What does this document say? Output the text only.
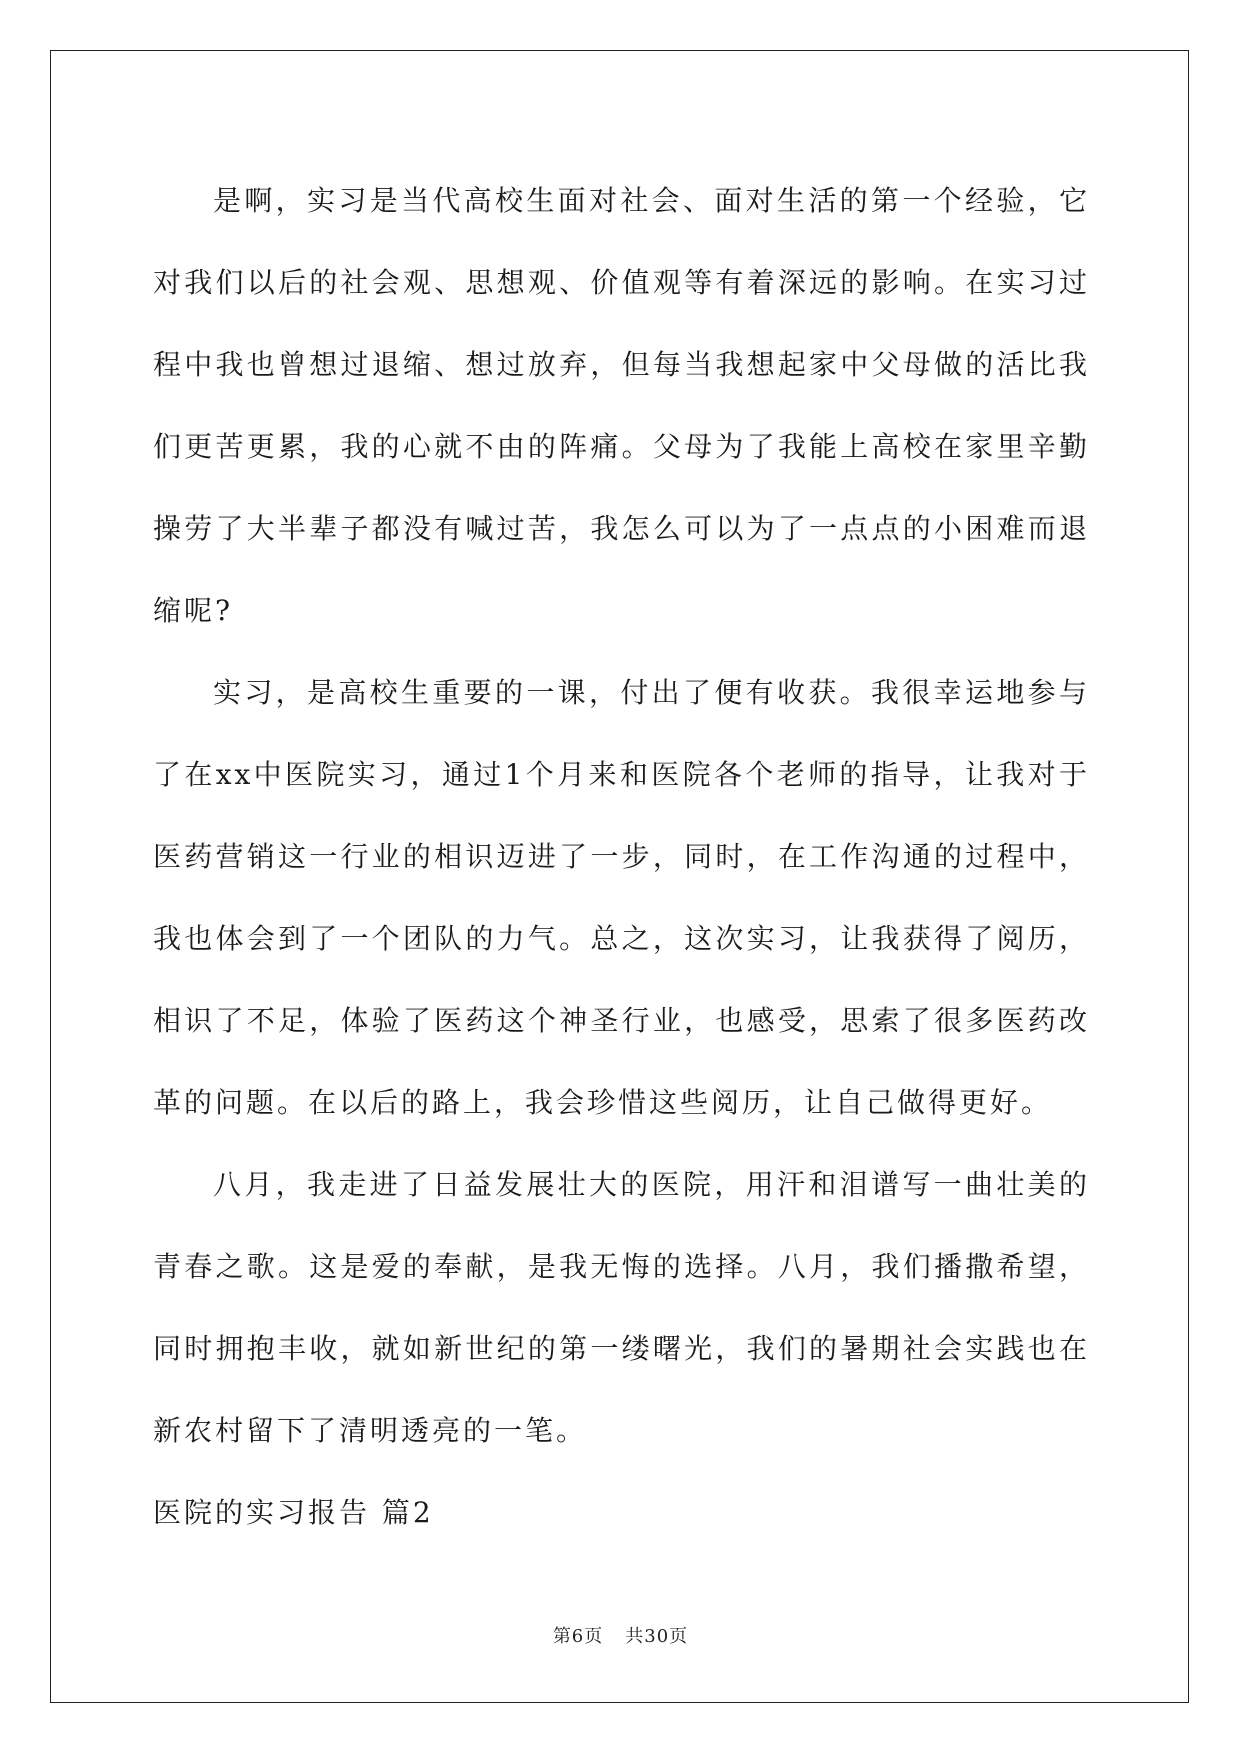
是啊，实习是当代高校生面对社会、面对生活的第一个经验，它对我们以后的社会观、思想观、价值观等有着深远的影响。在实习过程中我也曾想过退缩、想过放弃，但每当我想起家中父母做的活比我们更苦更累，我的心就不由的阵痛。父母为了我能上高校在家里辛勤操劳了大半辈子都没有喊过苦，我怎么可以为了一点点的小困难而退缩呢?

实习，是高校生重要的一课，付出了便有收获。我很幸运地参与了在xx中医院实习，通过1个月来和医院各个老师的指导，让我对于医药营销这一行业的相识迈进了一步，同时，在工作沟通的过程中，我也体会到了一个团队的力气。总之，这次实习，让我获得了阅历，相识了不足，体验了医药这个神圣行业，也感受，思索了很多医药改革的问题。在以后的路上，我会珍惜这些阅历，让自己做得更好。

八月，我走进了日益发展壮大的医院，用汗和泪谱写一曲壮美的青春之歌。这是爱的奉献，是我无悔的选择。八月，我们播撒希望，同时拥抱丰收，就如新世纪的第一缕曙光，我们的暑期社会实践也在新农村留下了清明透亮的一笔。

医院的实习报告 篇2

第6页 共30页
